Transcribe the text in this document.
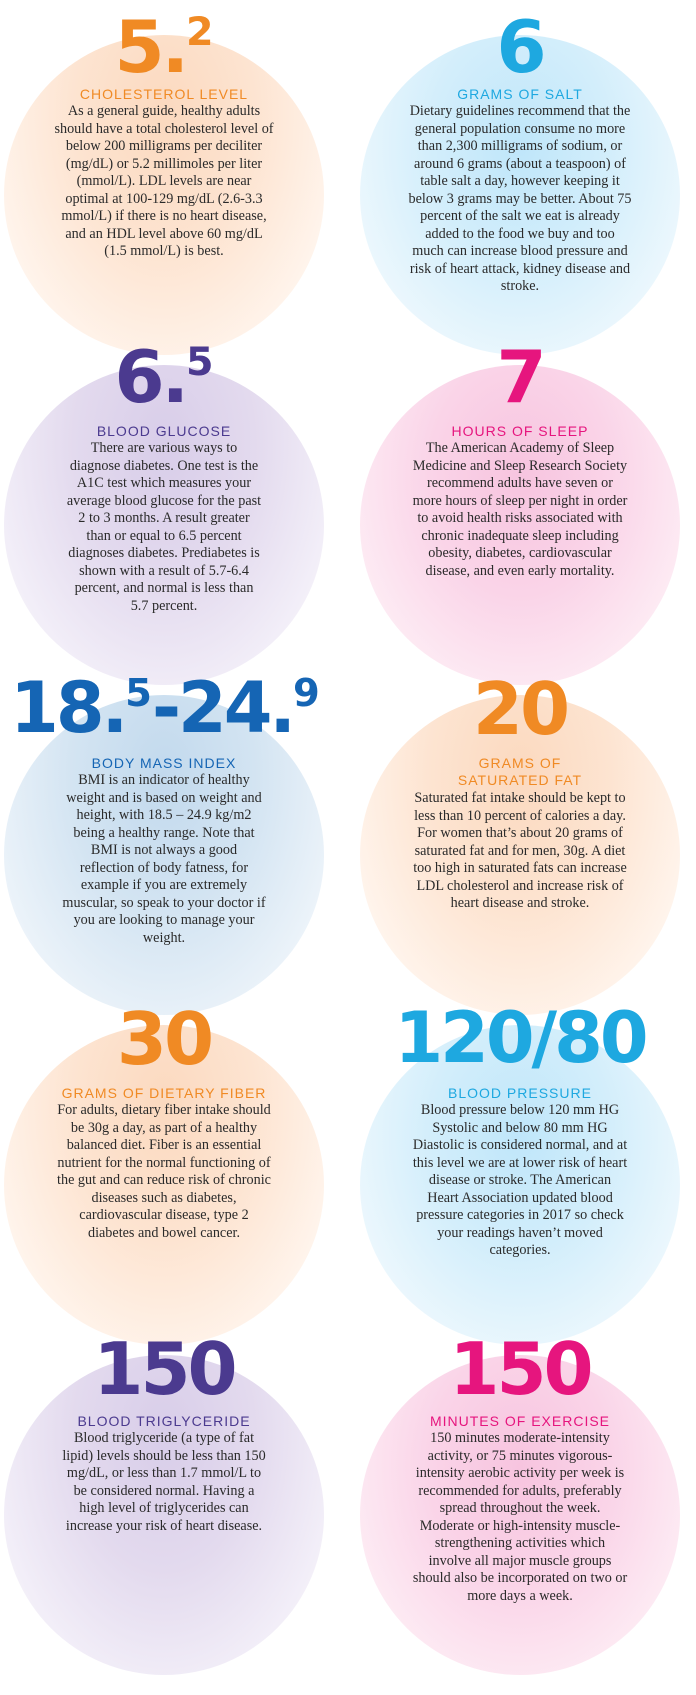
5.$^2$
CHOLESTEROL LEVEL
As a general guide, healthy adults should have a total cholesterol level of below 200 milligrams per deciliter (mg/dL) or 5.2 millimoles per liter (mmol/L). LDL levels are near optimal at 100-129 mg/dL (2.6-3.3 mmol/L) if there is no heart disease, and an HDL level above 60 mg/dL (1.5 mmol/L) is best.
6
GRAMS OF SALT
Dietary guidelines recommend that the general population consume no more than 2,300 milligrams of sodium, or around 6 grams (about a teaspoon) of table salt a day, however keeping it below 3 grams may be better. About 75 percent of the salt we eat is already added to the food we buy and too much can increase blood pressure and risk of heart attack, kidney disease and stroke.
6.$^5$
BLOOD GLUCOSE
There are various ways to diagnose diabetes. One test is the A1C test which measures your average blood glucose for the past 2 to 3 months. A result greater than or equal to 6.5 percent diagnoses diabetes. Prediabetes is shown with a result of 5.7-6.4 percent, and normal is less than 5.7 percent.
7
HOURS OF SLEEP
The American Academy of Sleep Medicine and Sleep Research Society recommend adults have seven or more hours of sleep per night in order to avoid health risks associated with chronic inadequate sleep including obesity, diabetes, cardiovascular disease, and even early mortality.
18.$^5$-24.$^9$
BODY MASS INDEX
BMI is an indicator of healthy weight and is based on weight and height, with 18.5 – 24.9 kg/m2 being a healthy range. Note that BMI is not always a good reflection of body fatness, for example if you are extremely muscular, so speak to your doctor if you are looking to manage your weight.
20
GRAMS OF
SATURATED FAT
Saturated fat intake should be kept to less than 10 percent of calories a day. For women that’s about 20 grams of saturated fat and for men, 30g. A diet too high in saturated fats can increase LDL cholesterol and increase risk of heart disease and stroke.
30
GRAMS OF DIETARY FIBER
For adults, dietary fiber intake should be 30g a day, as part of a healthy balanced diet. Fiber is an essential nutrient for the normal functioning of the gut and can reduce risk of chronic diseases such as diabetes, cardiovascular disease, type 2 diabetes and bowel cancer.
120/80
BLOOD PRESSURE
Blood pressure below 120 mm HG Systolic and below 80 mm HG Diastolic is considered normal, and at this level we are at lower risk of heart disease or stroke. The American Heart Association updated blood pressure categories in 2017 so check your readings haven’t moved categories.
150
BLOOD TRIGLYCERIDE
Blood triglyceride (a type of fat lipid) levels should be less than 150 mg/dL, or less than 1.7 mmol/L to be considered normal. Having a high level of triglycerides can increase your risk of heart disease.
150
MINUTES OF EXERCISE
150 minutes moderate-intensity activity, or 75 minutes vigorous-intensity aerobic activity per week is recommended for adults, preferably spread throughout the week. Moderate or high-intensity muscle-strengthening activities which involve all major muscle groups should also be incorporated on two or more days a week.
